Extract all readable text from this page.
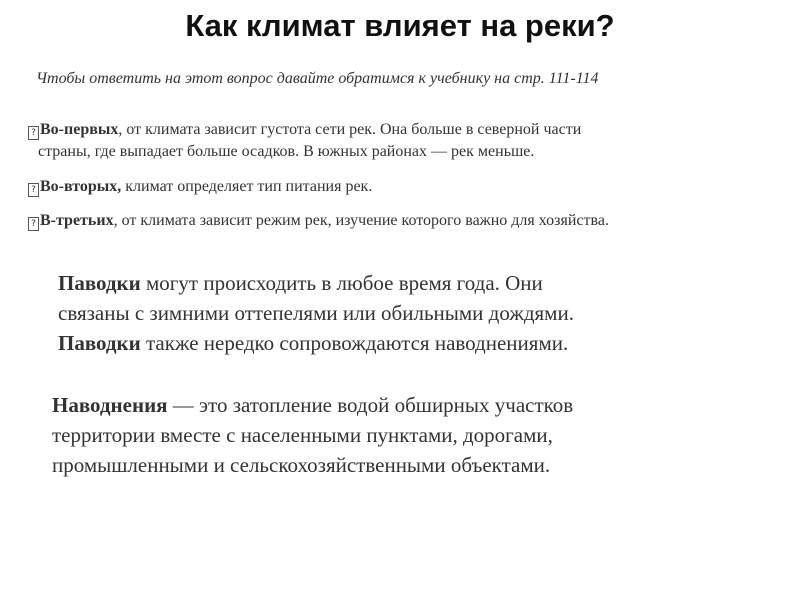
Как климат влияет на реки?
Чтобы ответить на этот вопрос давайте обратимся к учебнику на стр. 111-114
? Во-первых, от климата зависит густота сети рек. Она больше в северной части
страны, где выпадает больше осадков. В южных районах — рек меньше.
? Во-вторых, климат определяет тип питания рек.
? В-третьих, от климата зависит режим рек, изучение которого важно для хозяйства.
Паводки могут происходить в любое время года. Они
связаны с зимними оттепелями или обильными дождями.
Паводки также нередко сопровождаются наводнениями.
Наводнения — это затопление водой обширных участков
территории вместе с населенными пунктами, дорогами,
промышленными и сельскохозяйственными объектами.
